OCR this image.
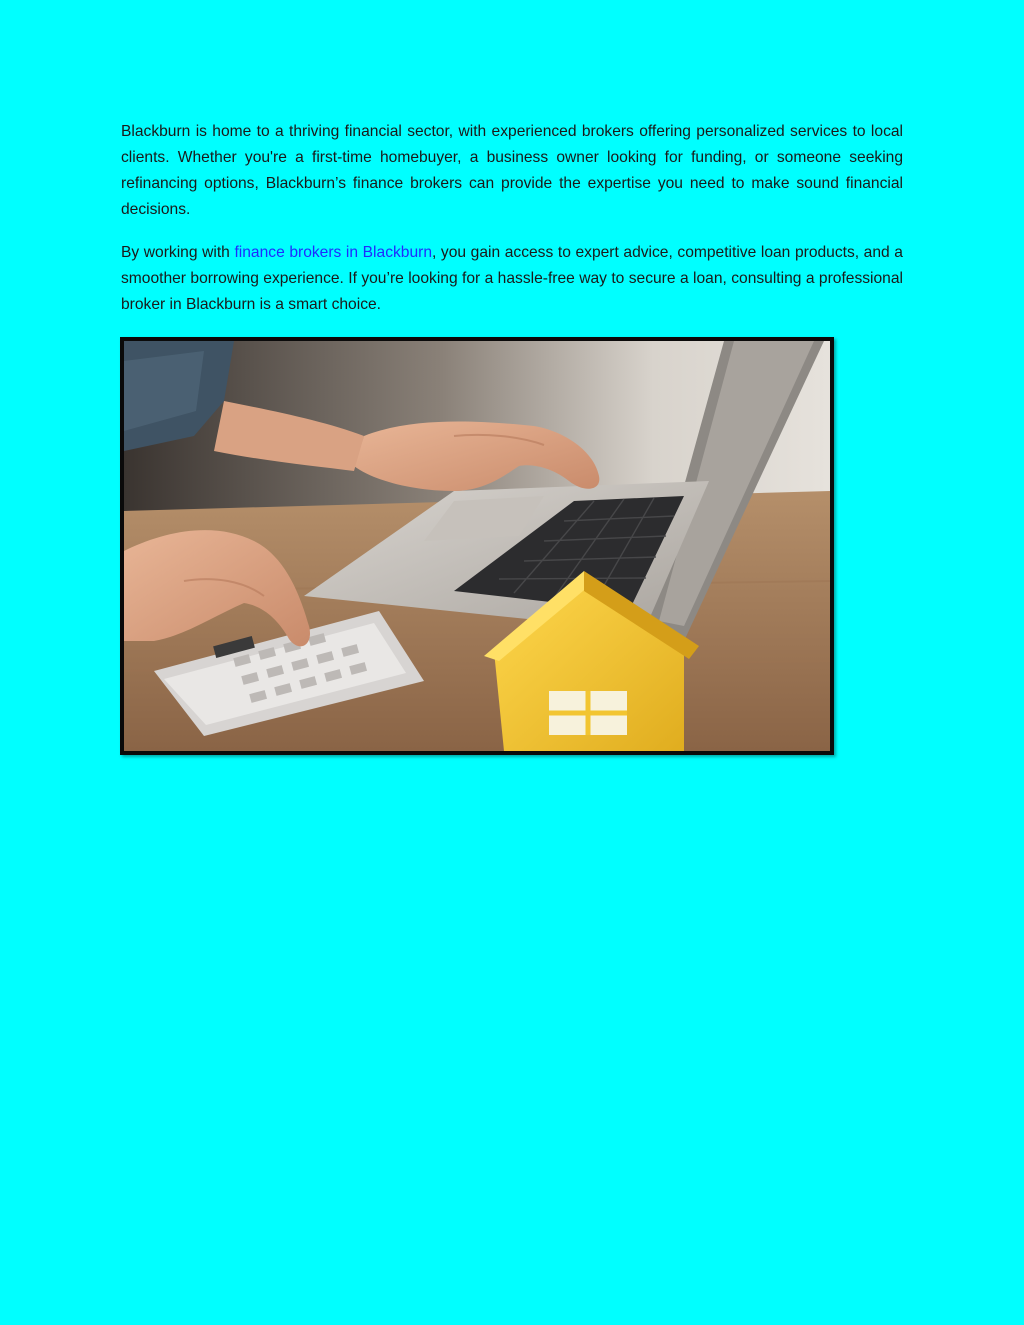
Blackburn is home to a thriving financial sector, with experienced brokers offering personalized services to local clients. Whether you're a first-time homebuyer, a business owner looking for funding, or someone seeking refinancing options, Blackburn’s finance brokers can provide the expertise you need to make sound financial decisions.

By working with finance brokers in Blackburn, you gain access to expert advice, competitive loan products, and a smoother borrowing experience. If you’re looking for a hassle-free way to secure a loan, consulting a professional broker in Blackburn is a smart choice.
